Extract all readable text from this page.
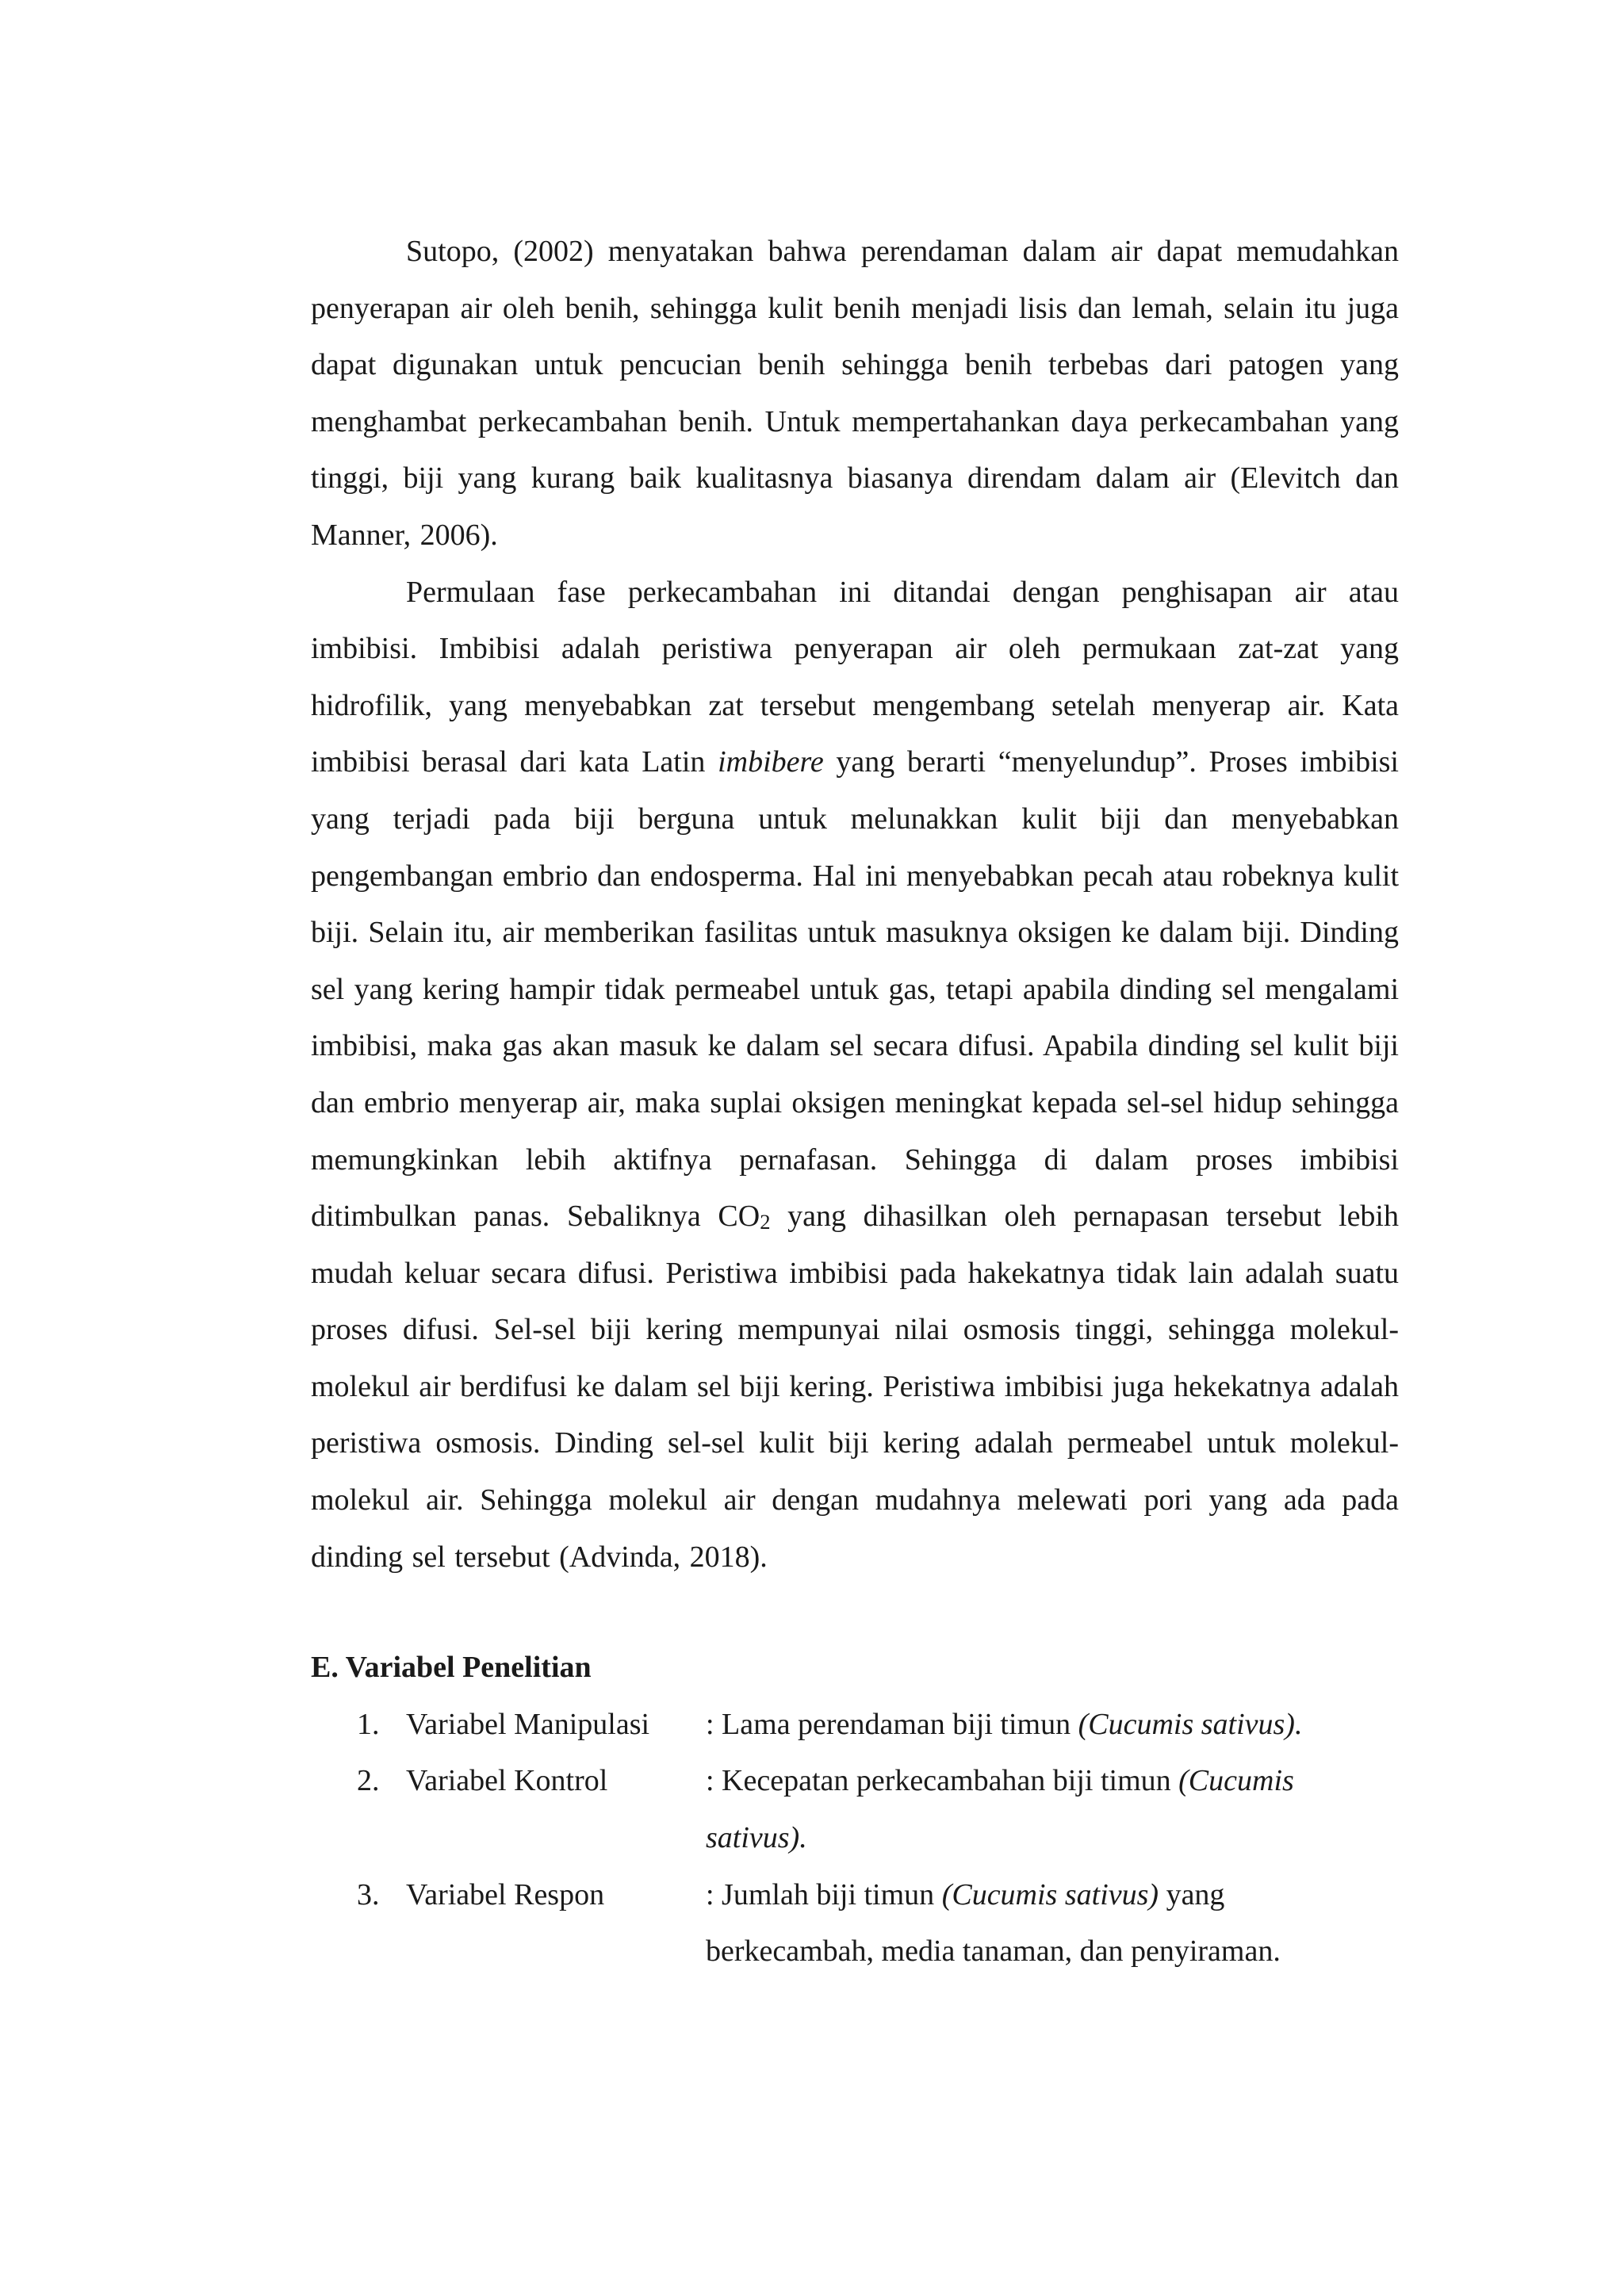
Sutopo, (2002) menyatakan bahwa perendaman dalam air dapat memudahkan penyerapan air oleh benih, sehingga kulit benih menjadi lisis dan lemah, selain itu juga dapat digunakan untuk pencucian benih sehingga benih terbebas dari patogen yang menghambat perkecambahan benih. Untuk mempertahankan daya perkecambahan yang tinggi, biji yang kurang baik kualitasnya biasanya direndam dalam air (Elevitch dan Manner, 2006).

Permulaan fase perkecambahan ini ditandai dengan penghisapan air atau imbibisi. Imbibisi adalah peristiwa penyerapan air oleh permukaan zat-zat yang hidrofilik, yang menyebabkan zat tersebut mengembang setelah menyerap air. Kata imbibisi berasal dari kata Latin imbibere yang berarti “menyelundup”. Proses imbibisi yang terjadi pada biji berguna untuk melunakkan kulit biji dan menyebabkan pengembangan embrio dan endosperma. Hal ini menyebabkan pecah atau robeknya kulit biji. Selain itu, air memberikan fasilitas untuk masuknya oksigen ke dalam biji. Dinding sel yang kering hampir tidak permeabel untuk gas, tetapi apabila dinding sel mengalami imbibisi, maka gas akan masuk ke dalam sel secara difusi. Apabila dinding sel kulit biji dan embrio menyerap air, maka suplai oksigen meningkat kepada sel-sel hidup sehingga memungkinkan lebih aktifnya pernafasan. Sehingga di dalam proses imbibisi ditimbulkan panas. Sebaliknya $CO_2$ yang dihasilkan oleh pernapasan tersebut lebih mudah keluar secara difusi. Peristiwa imbibisi pada hakekatnya tidak lain adalah suatu proses difusi. Sel-sel biji kering mempunyai nilai osmosis tinggi, sehingga molekul-molekul air berdifusi ke dalam sel biji kering. Peristiwa imbibisi juga hekekatnya adalah peristiwa osmosis. Dinding sel-sel kulit biji kering adalah permeabel untuk molekul-molekul air. Sehingga molekul air dengan mudahnya melewati pori yang ada pada dinding sel tersebut (Advinda, 2018).

E. Variabel Penelitian
1. Variabel Manipulasi	: Lama perendaman biji timun (Cucumis sativus).
2. Variabel Kontrol	: Kecepatan perkecambahan biji timun (Cucumis sativus).
3. Variabel Respon	: Jumlah biji timun (Cucumis sativus) yang berkecambah, media tanaman, dan penyiraman.
